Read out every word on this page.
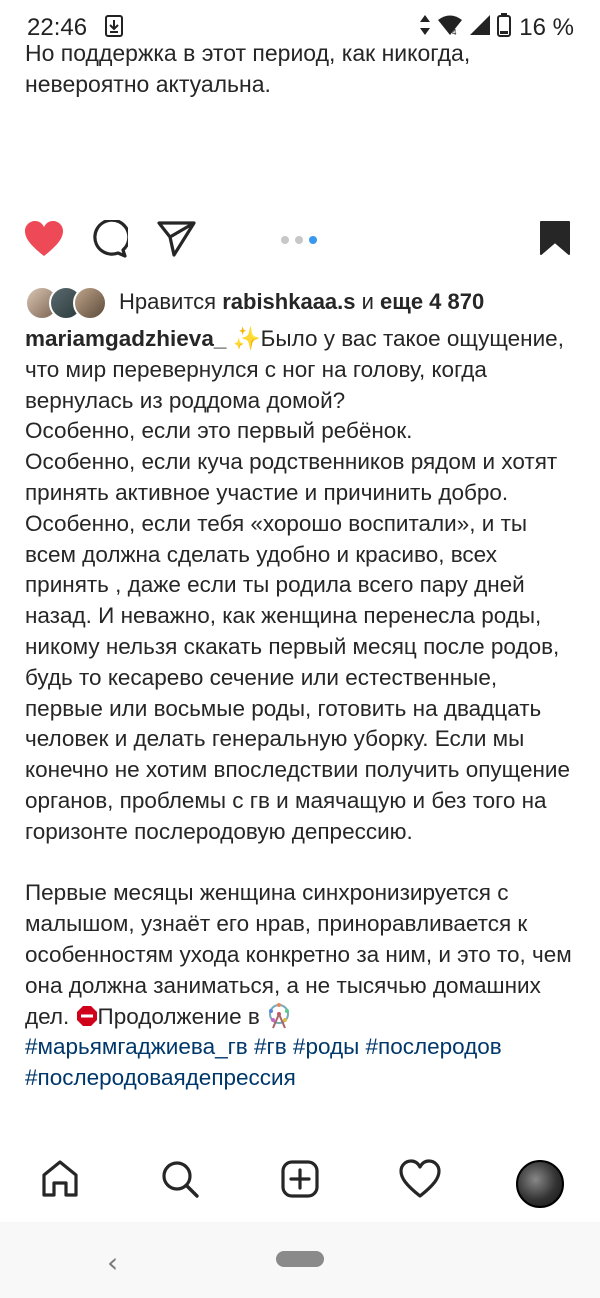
22:46	4	16 %
Но поддержка в этот период, как никогда,
невероятно актуальна.
Нравится rabishkaaa.s и еще 4 870

mariamgadzhieva_ ✨Было у вас такое ощущение, что мир перевернулся с ног на голову, когда вернулась из роддома домой?

Особенно, если это первый ребёнок.

Особенно, если куча родственников рядом и хотят принять активное участие и причинить добро.

Особенно, если тебя «хорошо воспитали», и ты всем должна сделать удобно и красиво, всех принять , даже если ты родила всего пару дней назад. И неважно, как женщина перенесла роды, никому нельзя скакать первый месяц после родов, будь то кесарево сечение или естественные, первые или восьмые роды, готовить на двадцать человек и делать генеральную уборку. Если мы конечно не хотим впоследствии получить опущение органов, проблемы с гв и маячащую и без того на горизонте послеродовую депрессию.

Первые месяцы женщина синхронизируется с малышом, узнаёт его нрав, приноравливается к особенностям ухода конкретно за ним, и это то, чем она должна заниматься, а не тысячью домашних дел. Продолжение в

#марьямгаджиева_гв #гв #роды #послеродов

#послеродоваядепрессия

‹
